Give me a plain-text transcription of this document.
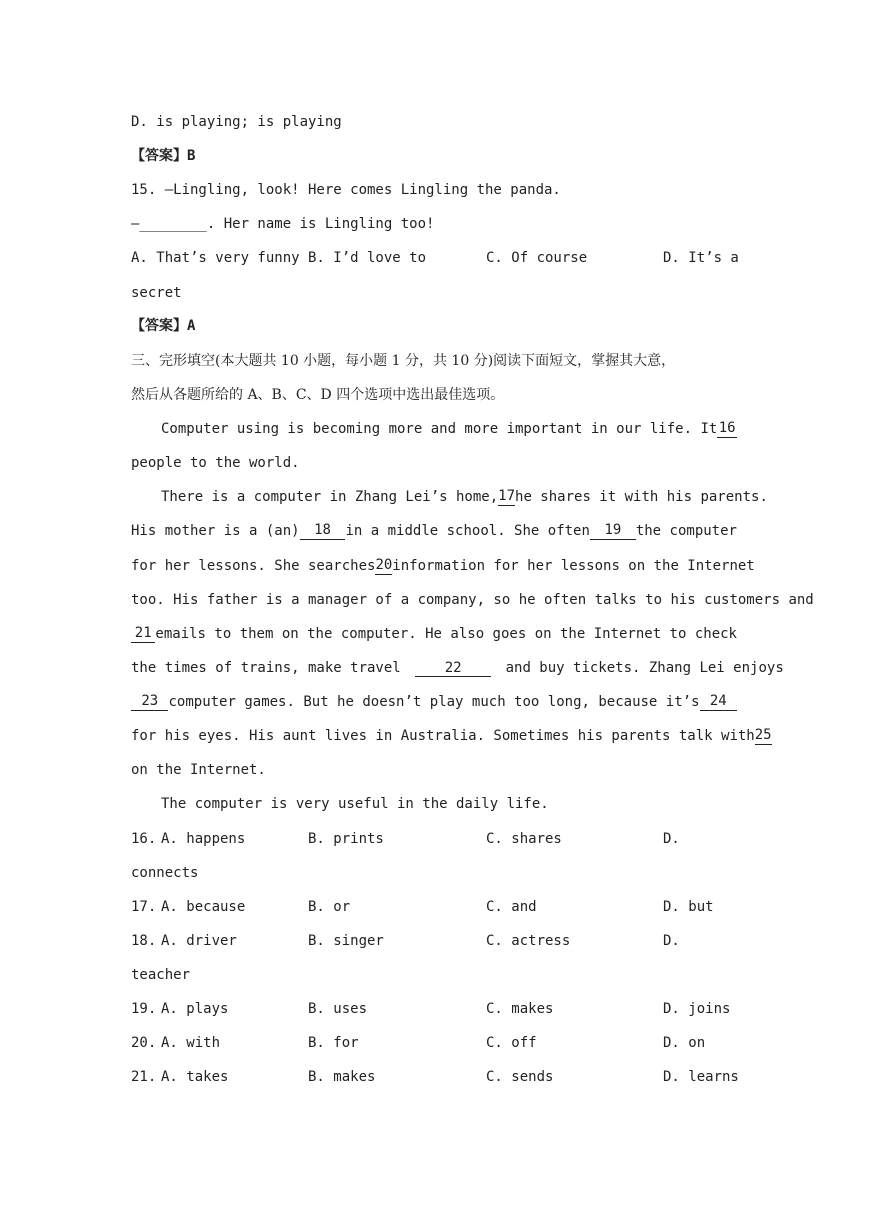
D. is playing; is playing
【答案】B
15. —Lingling, look! Here comes Lingling the panda.
—________. Her name is Lingling too!
A. That’s very funny B. I’d love to	C. Of course	D. It’s a
secret
【答案】A
三、完形填空(本大题共 10 小题，每小题 1 分，共 10 分)阅读下面短文，掌握其大意，
然后从各题所给的 A、B、C、D 四个选项中选出最佳选项。
Computer using is becoming more and more important in our life. It 16
people to the world.
There is a computer in Zhang Lei’s home, 17 he shares it with his parents.
His mother is a (an)	18	in a middle school. She often	19	the computer
for her lessons. She searches 20 information for her lessons on the Internet
too. His father is a manager of a company, so he often talks to his customers and
21 emails to them on the computer. He also goes on the Internet to check
the times of trains, make travel	22	and buy tickets. Zhang Lei enjoys
23 computer games. But he doesn’t play much too long, because it’s 24
for his eyes. His aunt lives in Australia. Sometimes his parents talk with 25
on the Internet.
The computer is very useful in the daily life.
16. A. happens	B. prints	C. shares	D.
connects
17. A. because	B. or	C. and	D. but
18. A. driver	B. singer	C. actress	D.
teacher
19. A. plays	B. uses	C. makes	D. joins
20. A. with	B. for	C. off	D. on
21. A. takes	B. makes	C. sends	D. learns
